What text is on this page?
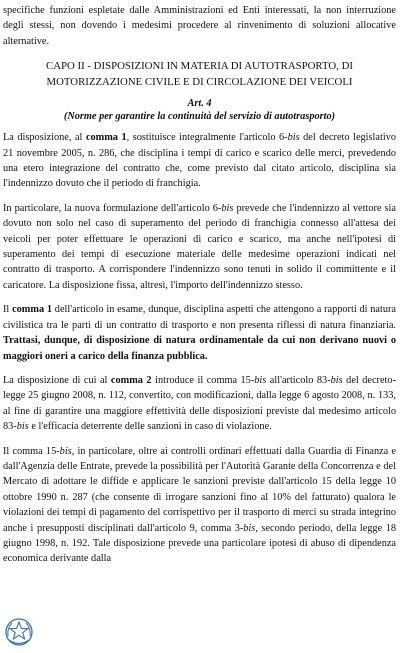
specifiche funzioni espletate dalle Amministrazioni ed Enti interessati, la non interruzione degli stessi, non dovendo i medesimi procedere al rinvenimento di soluzioni allocative alternative.

CAPO II - DISPOSIZIONI IN MATERIA DI AUTOTRASPORTO, DI MOTORIZZAZIONE CIVILE E DI CIRCOLAZIONE DEI VEICOLI

Art. 4

(Norme per garantire la continuità del servizio di autotrasporto)

La disposizione, al comma 1, sostituisce integralmente l'articolo 6-bis del decreto legislativo 21 novembre 2005, n. 286, che disciplina i tempi di carico e scarico delle merci, prevedendo una etero integrazione del contratto che, come previsto dal citato articolo, disciplina sia l'indennizzo dovuto che il periodo di franchigia.

In particolare, la nuova formulazione dell'articolo 6-bis prevede che l'indennizzo al vettore sia dovuto non solo nel caso di superamento del periodo di franchigia connesso all'attesa dei veicoli per poter effettuare le operazioni di carico e scarico, ma anche nell'ipotesi di superamento dei tempi di esecuzione materiale delle medesime operazioni indicati nel contratto di trasporto. A corrispondere l'indennizzo sono tenuti in solido il committente e il caricatore. La disposizione fissa, altresì, l'importo dell'indennizzo stesso.

Il comma 1 dell'articolo in esame, dunque, disciplina aspetti che attengono a rapporti di natura civilistica tra le parti di un contratto di trasporto e non presenta riflessi di natura finanziaria. Trattasi, dunque, di disposizione di natura ordinamentale da cui non derivano nuovi o maggiori oneri a carico della finanza pubblica.

La disposizione di cui al comma 2 introduce il comma 15-bis all'articolo 83-bis del decreto-legge 25 giugno 2008, n. 112, convertito, con modificazioni, dalla legge 6 agosto 2008, n. 133, al fine di garantire una maggiore effettività delle disposizioni previste dal medesimo articolo 83-bis e l'efficacia deterrente delle sanzioni in caso di violazione.

Il comma 15-bis, in particolare, oltre ai controlli ordinari effettuati dalla Guardia di Finanza e dall'Agenzia delle Entrate, prevede la possibilità per l'Autorità Garante della Concorrenza e del Mercato di adottare le diffide e applicare le sanzioni previste dall'articolo 15 della legge 10 ottobre 1990 n. 287 (che consente di irrogare sanzioni fino al 10% del fatturato) qualora le violazioni dei tempi di pagamento del corrispettivo per il trasporto di merci su strada integrino anche i presupposti disciplinati dall'articolo 9, comma 3-bis, secondo periodo, della legge 18 giugno 1998, n. 192. Tale disposizione prevede una particolare ipotesi di abuso di dipendenza economica derivante dalla
